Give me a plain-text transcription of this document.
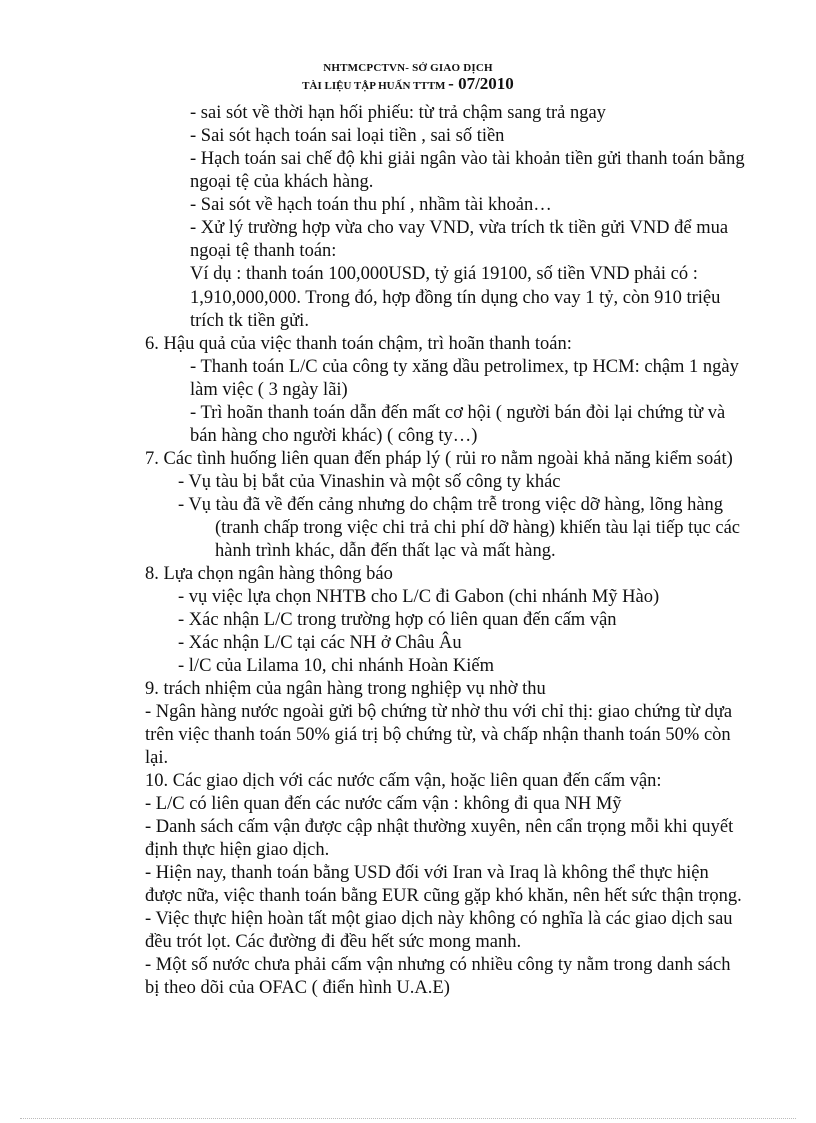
NHTMCPCTVN- SỞ GIAO DỊCH
TÀI LIỆU TẬP HUẤN TTTM - 07/2010
- sai sót về thời hạn hối phiếu: từ trả chậm sang trả ngay
- Sai sót hạch toán sai loại tiền , sai số tiền
- Hạch toán sai chế độ khi giải ngân vào tài khoản tiền gửi thanh toán bằng
ngoại tệ của khách hàng.
- Sai sót về hạch toán thu phí , nhầm tài khoản…
- Xử lý trường hợp vừa cho vay VND, vừa trích tk tiền gửi VND để mua
ngoại tệ thanh toán:
Ví dụ : thanh toán 100,000USD, tỷ giá 19100, số tiền VND phải có :
1,910,000,000. Trong đó, hợp đồng tín dụng cho vay 1 tỷ, còn 910 triệu
trích tk tiền gửi.
6. Hậu quả của việc thanh toán chậm, trì hoãn thanh toán:
- Thanh toán L/C của công ty xăng dầu petrolimex, tp HCM: chậm 1 ngày
làm việc ( 3 ngày lãi)
- Trì hoãn thanh toán dẫn đến mất cơ hội ( người bán đòi lại chứng từ và
bán hàng cho người khác) ( công ty…)
7. Các tình huống liên quan đến pháp lý ( rủi ro nằm ngoài khả năng kiểm soát)
- Vụ tàu bị bắt của Vinashin và một số công ty khác
- Vụ tàu đã về đến cảng nhưng do chậm trễ trong việc dỡ hàng, lõng hàng
(tranh chấp trong việc chi trả chi phí dỡ hàng) khiến tàu lại tiếp tục các
hành trình khác, dẫn đến thất lạc và mất hàng.
8. Lựa chọn ngân hàng thông báo
- vụ việc lựa chọn NHTB cho L/C đi Gabon (chi nhánh Mỹ Hào)
- Xác nhận L/C trong trường hợp có liên quan đến cấm vận
- Xác nhận L/C tại các NH ở Châu Âu
- l/C của Lilama 10, chi nhánh Hoàn Kiếm
9. trách nhiệm của ngân hàng trong nghiệp vụ nhờ thu
- Ngân hàng nước ngoài gửi bộ chứng từ nhờ thu với chỉ thị: giao chứng từ dựa
trên việc thanh toán 50% giá trị bộ chứng từ, và chấp nhận thanh toán 50% còn
lại.
10. Các giao dịch với các nước cấm vận, hoặc liên quan đến cấm vận:
- L/C có liên quan đến các nước cấm vận : không đi qua NH Mỹ
- Danh sách cấm vận được cập nhật thường xuyên, nên cẩn trọng mỗi khi quyết
định thực hiện giao dịch.
- Hiện nay, thanh toán bằng USD đối với Iran và Iraq là không thể thực hiện
được nữa, việc thanh toán bằng EUR cũng gặp khó khăn, nên hết sức thận trọng.
- Việc thực hiện hoàn tất một giao dịch này không có nghĩa là các giao dịch sau
đều trót lọt. Các đường đi đều hết sức mong manh.
- Một số nước chưa phải cấm vận nhưng có nhiều công ty nằm trong danh sách
bị theo dõi của OFAC ( điển hình U.A.E)
